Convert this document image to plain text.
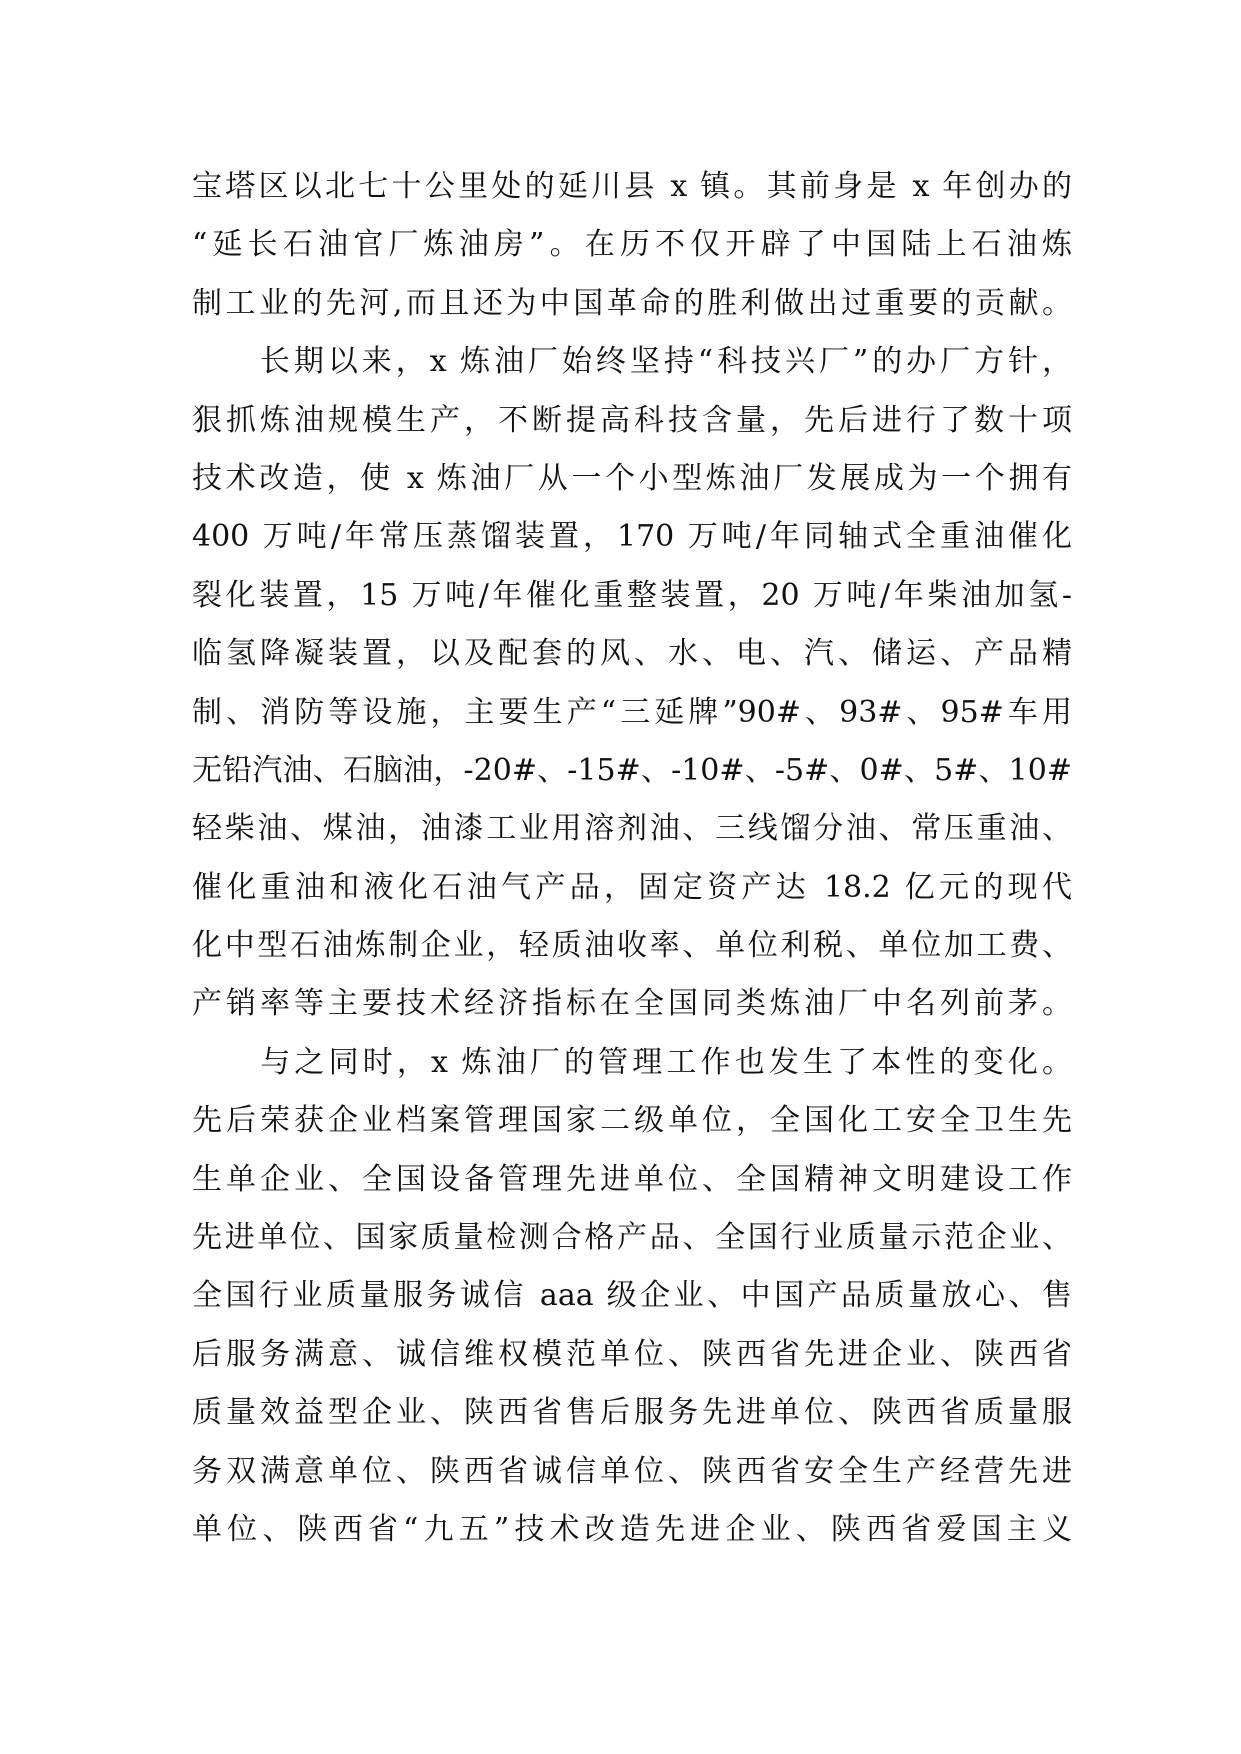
宝塔区以北七十公里处的延川县 x 镇。其前身是 x 年创办的
“延长石油官厂炼油房”。在历不仅开辟了中国陆上石油炼
制工业的先河,而且还为中国革命的胜利做出过重要的贡献。
　　长期以来，x 炼油厂始终坚持“科技兴厂”的办厂方针，
狠抓炼油规模生产，不断提高科技含量，先后进行了数十项
技术改造，使 x 炼油厂从一个小型炼油厂发展成为一个拥有
400 万吨/年常压蒸馏装置，170 万吨/年同轴式全重油催化
裂化装置，15 万吨/年催化重整装置，20 万吨/年柴油加氢-
临氢降凝装置，以及配套的风、水、电、汽、储运、产品精
制、消防等设施，主要生产“三延牌”90#、93#、95#车用
无铅汽油、石脑油，-20#、-15#、-10#、-5#、0#、5#、10#
轻柴油、煤油，油漆工业用溶剂油、三线馏分油、常压重油、
催化重油和液化石油气产品，固定资产达 18.2 亿元的现代
化中型石油炼制企业，轻质油收率、单位利税、单位加工费、
产销率等主要技术经济指标在全国同类炼油厂中名列前茅。
　　与之同时，x 炼油厂的管理工作也发生了本性的变化。
先后荣获企业档案管理国家二级单位，全国化工安全卫生先
生单企业、全国设备管理先进单位、全国精神文明建设工作
先进单位、国家质量检测合格产品、全国行业质量示范企业、
全国行业质量服务诚信 aaa 级企业、中国产品质量放心、售
后服务满意、诚信维权模范单位、陕西省先进企业、陕西省
质量效益型企业、陕西省售后服务先进单位、陕西省质量服
务双满意单位、陕西省诚信单位、陕西省安全生产经营先进
单位、陕西省“九五”技术改造先进企业、陕西省爱国主义
